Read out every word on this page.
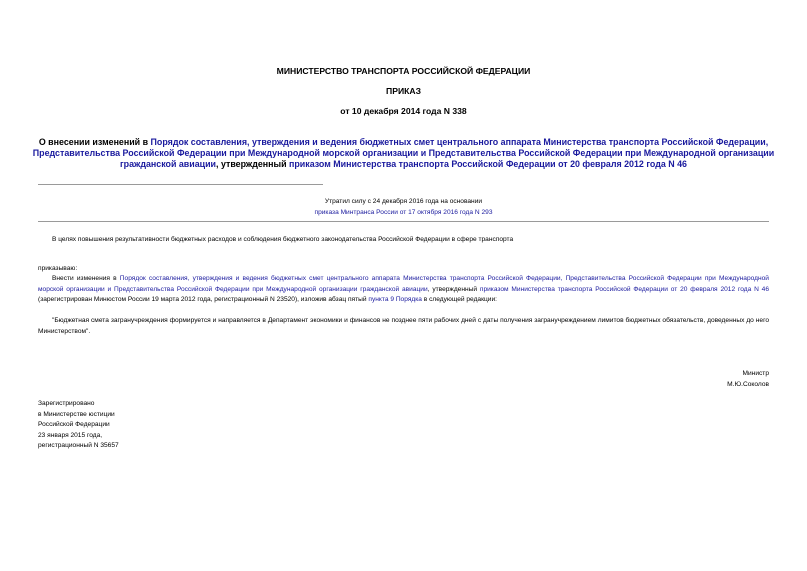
МИНИСТЕРСТВО ТРАНСПОРТА РОССИЙСКОЙ ФЕДЕРАЦИИ
ПРИКАЗ
от 10 декабря 2014 года N 338
О внесении изменений в Порядок составления, утверждения и ведения бюджетных смет центрального аппарата Министерства транспорта Российской Федерации, Представительства Российской Федерации при Международной морской организации и Представительства Российской Федерации при Международной организации гражданской авиации, утвержденный приказом Министерства транспорта Российской Федерации от 20 февраля 2012 года N 46
Утратил силу с 24 декабря 2016 года на основании
приказа Минтранса России от 17 октября 2016 года N 293
В целях повышения результативности бюджетных расходов и соблюдения бюджетного законодательства Российской Федерации в сфере транспорта
приказываю:
Внести изменения в Порядок составления, утверждения и ведения бюджетных смет центрального аппарата Министерства транспорта Российской Федерации, Представительства Российской Федерации при Международной морской организации и Представительства Российской Федерации при Международной организации гражданской авиации, утвержденный приказом Министерства транспорта Российской Федерации от 20 февраля 2012 года N 46 (зарегистрирован Минюстом России 19 марта 2012 года, регистрационный N 23520), изложив абзац пятый пункта 9 Порядка в следующей редакции:
"Бюджетная смета загранучреждения формируется и направляется в Департамент экономики и финансов не позднее пяти рабочих дней с даты получения загранучреждением лимитов бюджетных обязательств, доведенных до него Министерством".
Министр
М.Ю.Соколов
Зарегистрировано
в Министерстве юстиции
Российской Федерации
23 января 2015 года,
регистрационный N 35657
